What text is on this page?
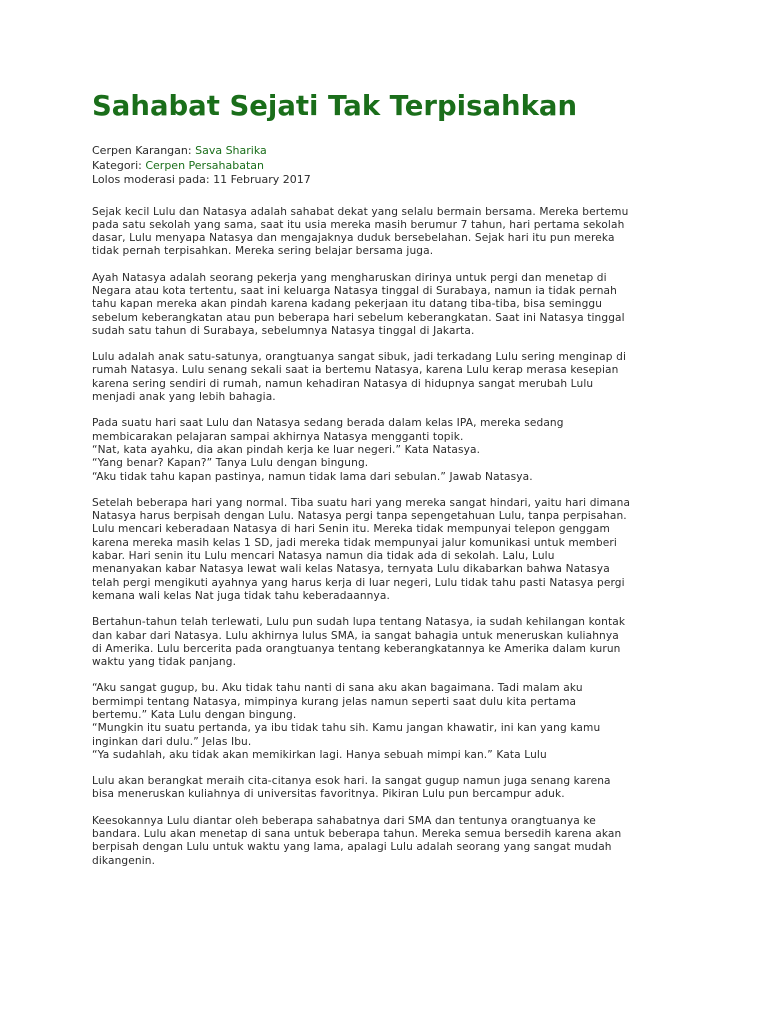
Sahabat Sejati Tak Terpisahkan
Cerpen Karangan: Sava Sharika
Kategori: Cerpen Persahabatan
Lolos moderasi pada: 11 February 2017

Sejak kecil Lulu dan Natasya adalah sahabat dekat yang selalu bermain bersama. Mereka bertemu
pada satu sekolah yang sama, saat itu usia mereka masih berumur 7 tahun, hari pertama sekolah
dasar, Lulu menyapa Natasya dan mengajaknya duduk bersebelahan. Sejak hari itu pun mereka
tidak pernah terpisahkan. Mereka sering belajar bersama juga.

Ayah Natasya adalah seorang pekerja yang mengharuskan dirinya untuk pergi dan menetap di
Negara atau kota tertentu, saat ini keluarga Natasya tinggal di Surabaya, namun ia tidak pernah
tahu kapan mereka akan pindah karena kadang pekerjaan itu datang tiba-tiba, bisa seminggu
sebelum keberangkatan atau pun beberapa hari sebelum keberangkatan. Saat ini Natasya tinggal
sudah satu tahun di Surabaya, sebelumnya Natasya tinggal di Jakarta.

Lulu adalah anak satu-satunya, orangtuanya sangat sibuk, jadi terkadang Lulu sering menginap di
rumah Natasya. Lulu senang sekali saat ia bertemu Natasya, karena Lulu kerap merasa kesepian
karena sering sendiri di rumah, namun kehadiran Natasya di hidupnya sangat merubah Lulu
menjadi anak yang lebih bahagia.

Pada suatu hari saat Lulu dan Natasya sedang berada dalam kelas IPA, mereka sedang
membicarakan pelajaran sampai akhirnya Natasya mengganti topik.
“Nat, kata ayahku, dia akan pindah kerja ke luar negeri.” Kata Natasya.
“Yang benar? Kapan?” Tanya Lulu dengan bingung.
“Aku tidak tahu kapan pastinya, namun tidak lama dari sebulan.” Jawab Natasya.

Setelah beberapa hari yang normal. Tiba suatu hari yang mereka sangat hindari, yaitu hari dimana
Natasya harus berpisah dengan Lulu. Natasya pergi tanpa sepengetahuan Lulu, tanpa perpisahan.
Lulu mencari keberadaan Natasya di hari Senin itu. Mereka tidak mempunyai telepon genggam
karena mereka masih kelas 1 SD, jadi mereka tidak mempunyai jalur komunikasi untuk memberi
kabar. Hari senin itu Lulu mencari Natasya namun dia tidak ada di sekolah. Lalu, Lulu
menanyakan kabar Natasya lewat wali kelas Natasya, ternyata Lulu dikabarkan bahwa Natasya
telah pergi mengikuti ayahnya yang harus kerja di luar negeri, Lulu tidak tahu pasti Natasya pergi
kemana wali kelas Nat juga tidak tahu keberadaannya.

Bertahun-tahun telah terlewati, Lulu pun sudah lupa tentang Natasya, ia sudah kehilangan kontak
dan kabar dari Natasya. Lulu akhirnya lulus SMA, ia sangat bahagia untuk meneruskan kuliahnya
di Amerika. Lulu bercerita pada orangtuanya tentang keberangkatannya ke Amerika dalam kurun
waktu yang tidak panjang.

“Aku sangat gugup, bu. Aku tidak tahu nanti di sana aku akan bagaimana. Tadi malam aku
bermimpi tentang Natasya, mimpinya kurang jelas namun seperti saat dulu kita pertama
bertemu.” Kata Lulu dengan bingung.
“Mungkin itu suatu pertanda, ya ibu tidak tahu sih. Kamu jangan khawatir, ini kan yang kamu
inginkan dari dulu.” Jelas Ibu.
“Ya sudahlah, aku tidak akan memikirkan lagi. Hanya sebuah mimpi kan.” Kata Lulu

Lulu akan berangkat meraih cita-citanya esok hari. Ia sangat gugup namun juga senang karena
bisa meneruskan kuliahnya di universitas favoritnya. Pikiran Lulu pun bercampur aduk.

Keesokannya Lulu diantar oleh beberapa sahabatnya dari SMA dan tentunya orangtuanya ke
bandara. Lulu akan menetap di sana untuk beberapa tahun. Mereka semua bersedih karena akan
berpisah dengan Lulu untuk waktu yang lama, apalagi Lulu adalah seorang yang sangat mudah
dikangenin.
